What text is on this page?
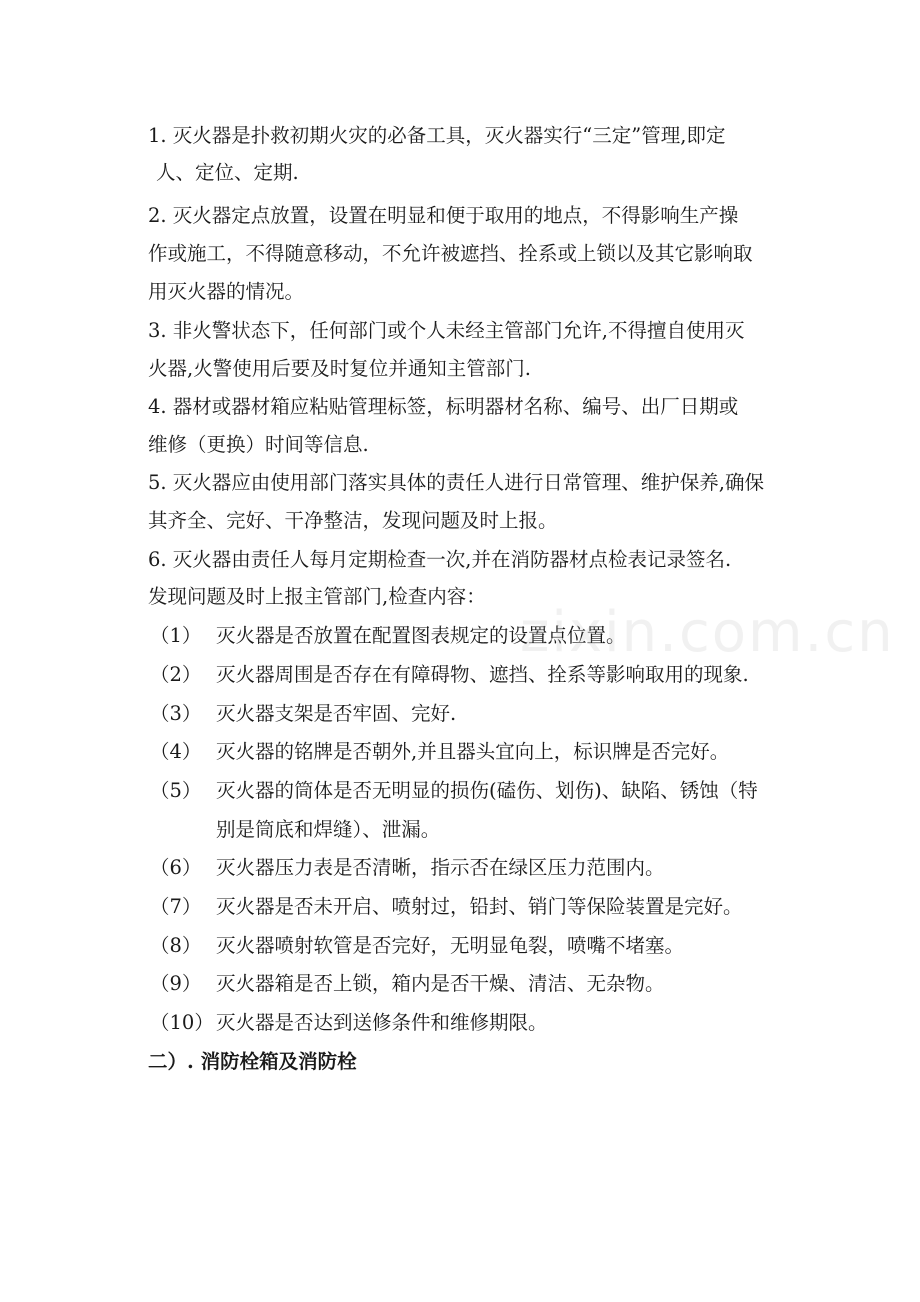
1. 灭火器是扑救初期火灾的必备工具，灭火器实行“三定”管理,即定
人、定位、定期.
2. 灭火器定点放置，设置在明显和便于取用的地点，不得影响生产操
作或施工，不得随意移动，不允许被遮挡、拴系或上锁以及其它影响取
用灭火器的情况。
3. 非火警状态下，任何部门或个人未经主管部门允许,不得擅自使用灭
火器,火警使用后要及时复位并通知主管部门.
4. 器材或器材箱应粘贴管理标签，标明器材名称、编号、出厂日期或
维修（更换）时间等信息.
5. 灭火器应由使用部门落实具体的责任人进行日常管理、维护保养,确保
其齐全、完好、干净整洁，发现问题及时上报。
6. 灭火器由责任人每月定期检查一次,并在消防器材点检表记录签名.
发现问题及时上报主管部门,检查内容：
（1） 灭火器是否放置在配置图表规定的设置点位置。
（2） 灭火器周围是否存在有障碍物、遮挡、拴系等影响取用的现象.
（3） 灭火器支架是否牢固、完好.
（4） 灭火器的铭牌是否朝外,并且器头宜向上，标识牌是否完好。
（5） 灭火器的筒体是否无明显的损伤(磕伤、划伤)、缺陷、锈蚀（特
别是筒底和焊缝）、泄漏。
（6） 灭火器压力表是否清晰，指示否在绿区压力范围内。
（7） 灭火器是否未开启、喷射过，铅封、销门等保险装置是完好。
（8） 灭火器喷射软管是否完好，无明显龟裂，喷嘴不堵塞。
（9） 灭火器箱是否上锁，箱内是否干燥、清洁、无杂物。
（10） 灭火器是否达到送修条件和维修期限。
二）. 消防栓箱及消防栓
zixin.com.cn
